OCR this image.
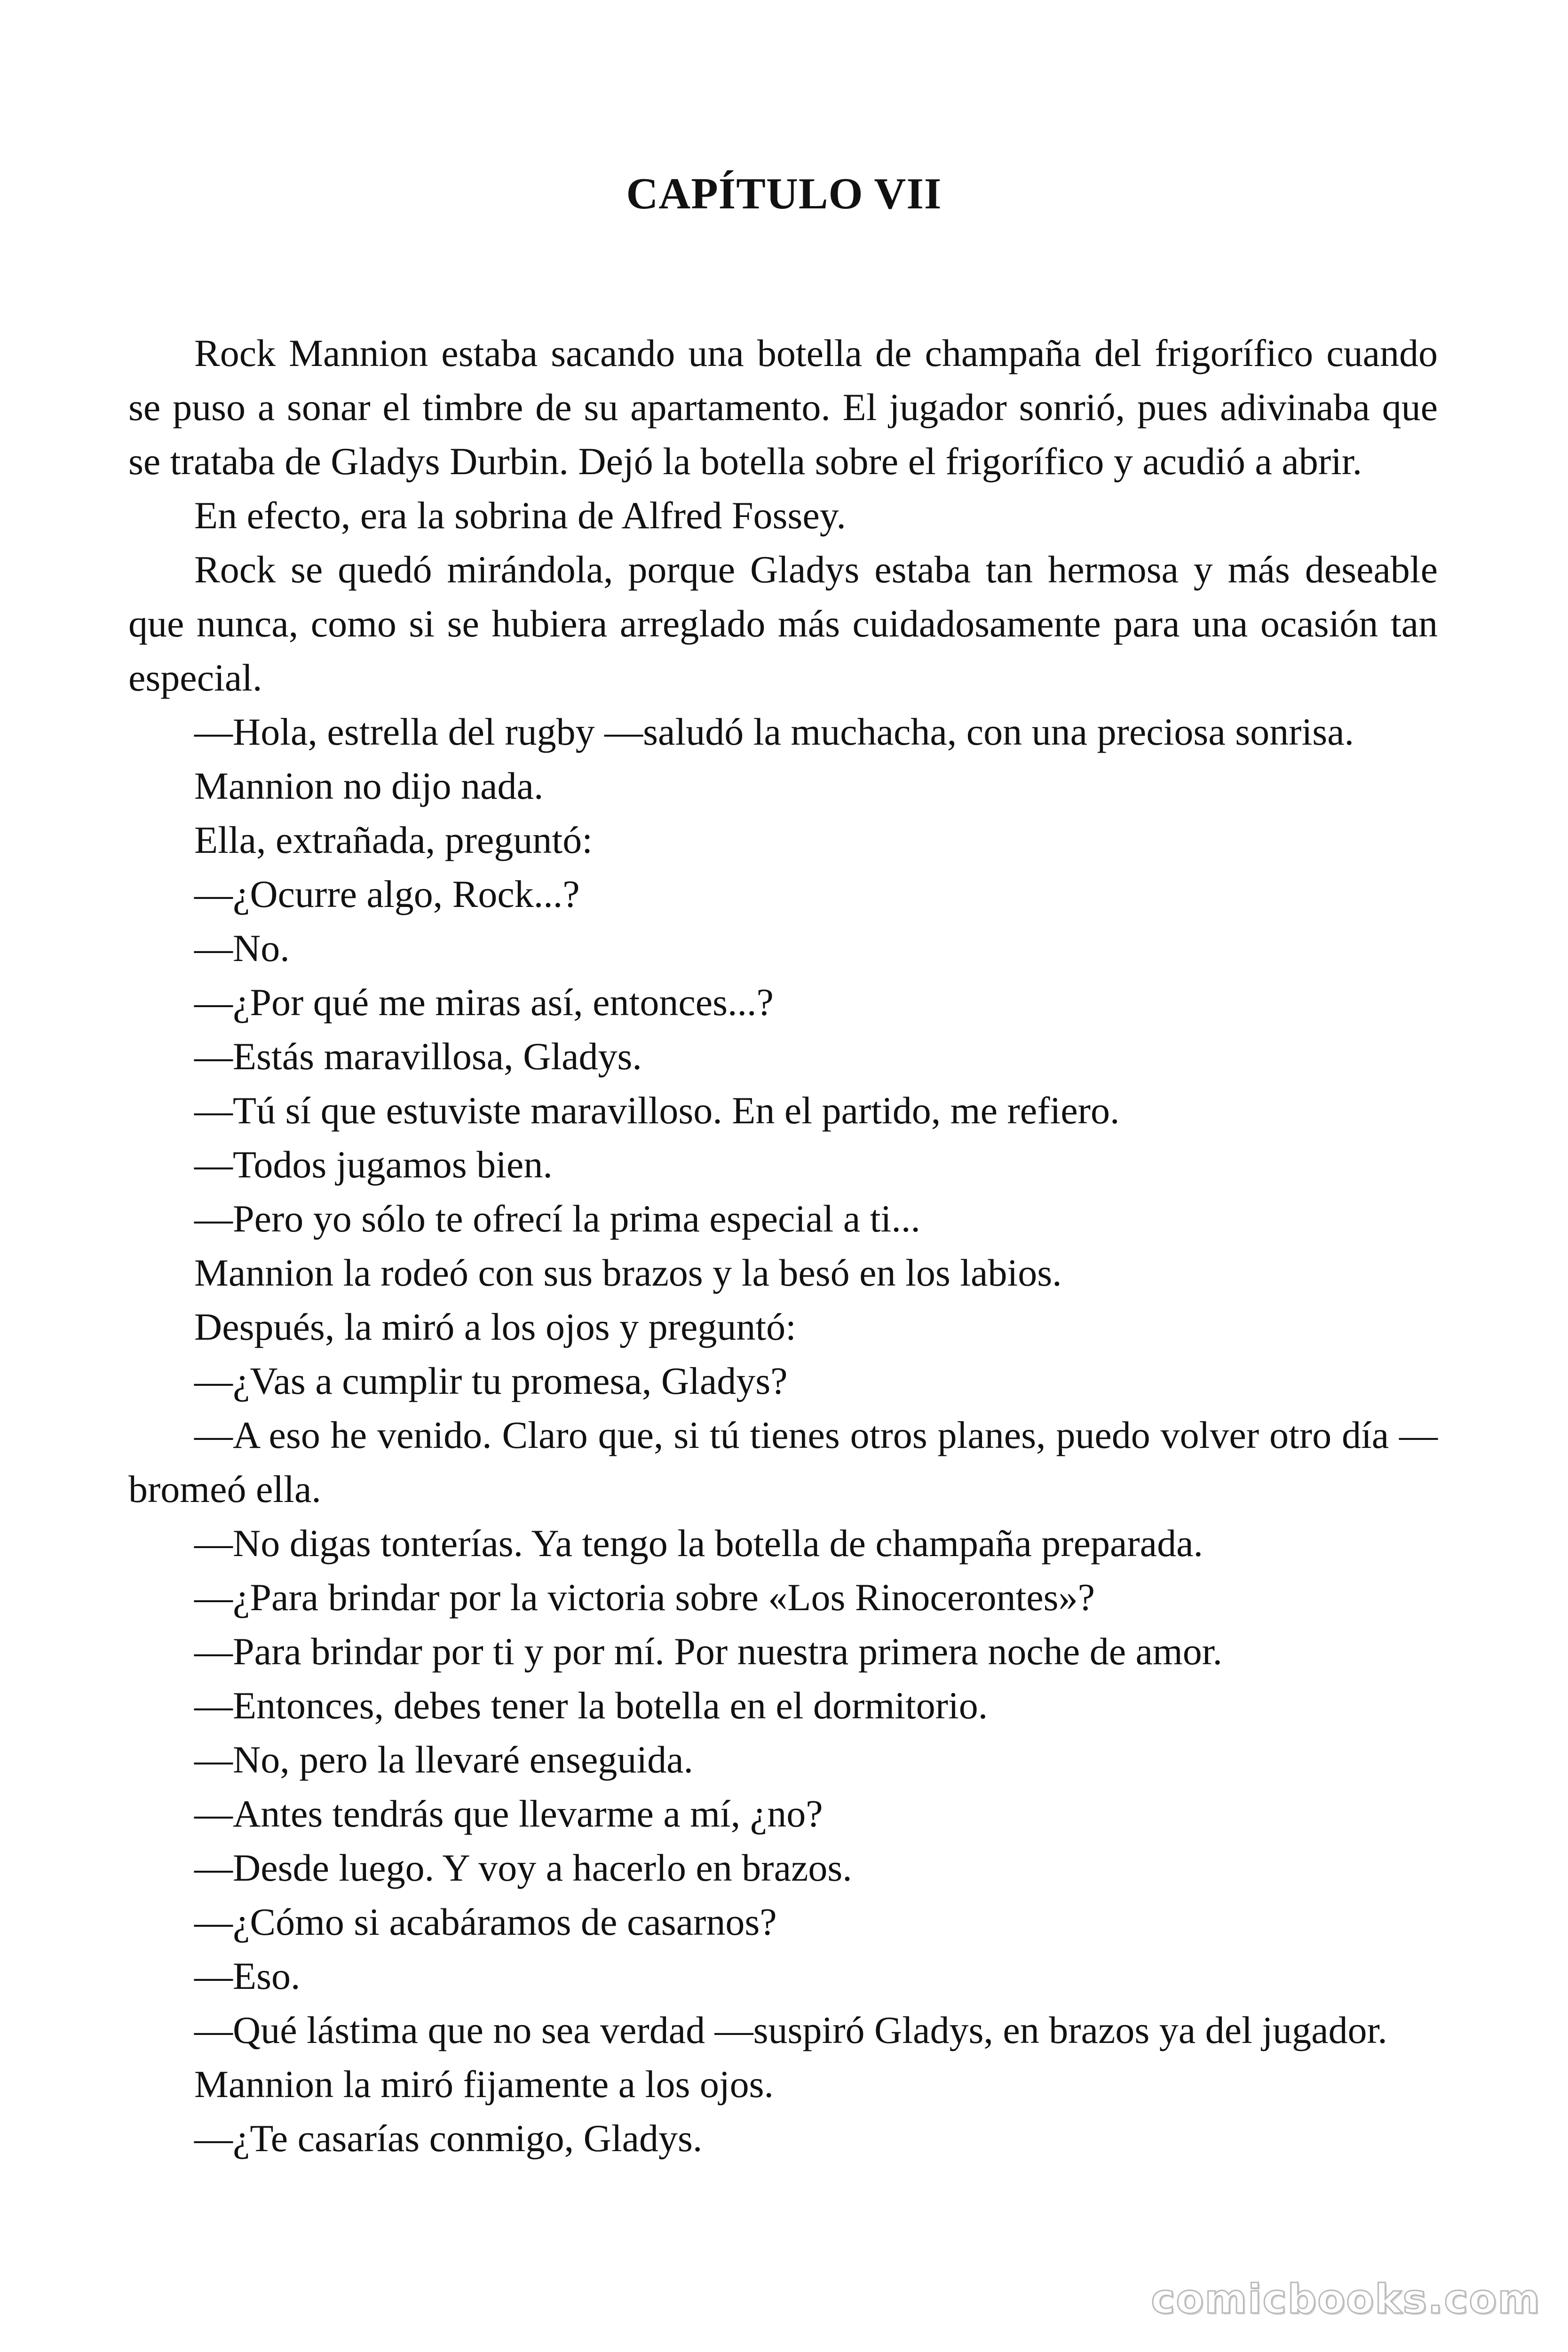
CAPÍTULO VII

Rock Mannion estaba sacando una botella de champaña del frigorífico cuando se puso a sonar el timbre de su apartamento. El jugador sonrió, pues adivinaba que se trataba de Gladys Durbin. Dejó la botella sobre el frigorífico y acudió a abrir.

En efecto, era la sobrina de Alfred Fossey.

Rock se quedó mirándola, porque Gladys estaba tan hermosa y más deseable que nunca, como si se hubiera arreglado más cuidadosamente para una ocasión tan especial.

—Hola, estrella del rugby —saludó la muchacha, con una preciosa sonrisa.

Mannion no dijo nada.

Ella, extrañada, preguntó:

—¿Ocurre algo, Rock...?

—No.

—¿Por qué me miras así, entonces...?

—Estás maravillosa, Gladys.

—Tú sí que estuviste maravilloso. En el partido, me refiero.

—Todos jugamos bien.

—Pero yo sólo te ofrecí la prima especial a ti...

Mannion la rodeó con sus brazos y la besó en los labios.

Después, la miró a los ojos y preguntó:

—¿Vas a cumplir tu promesa, Gladys?

—A eso he venido. Claro que, si tú tienes otros planes, puedo volver otro día —bromeó ella.

—No digas tonterías. Ya tengo la botella de champaña preparada.

—¿Para brindar por la victoria sobre «Los Rinocerontes»?

—Para brindar por ti y por mí. Por nuestra primera noche de amor.

—Entonces, debes tener la botella en el dormitorio.

—No, pero la llevaré enseguida.

—Antes tendrás que llevarme a mí, ¿no?

—Desde luego. Y voy a hacerlo en brazos.

—¿Cómo si acabáramos de casarnos?

—Eso.

—Qué lástima que no sea verdad —suspiró Gladys, en brazos ya del jugador.

Mannion la miró fijamente a los ojos.

—¿Te casarías conmigo, Gladys.

comicbooks.com
